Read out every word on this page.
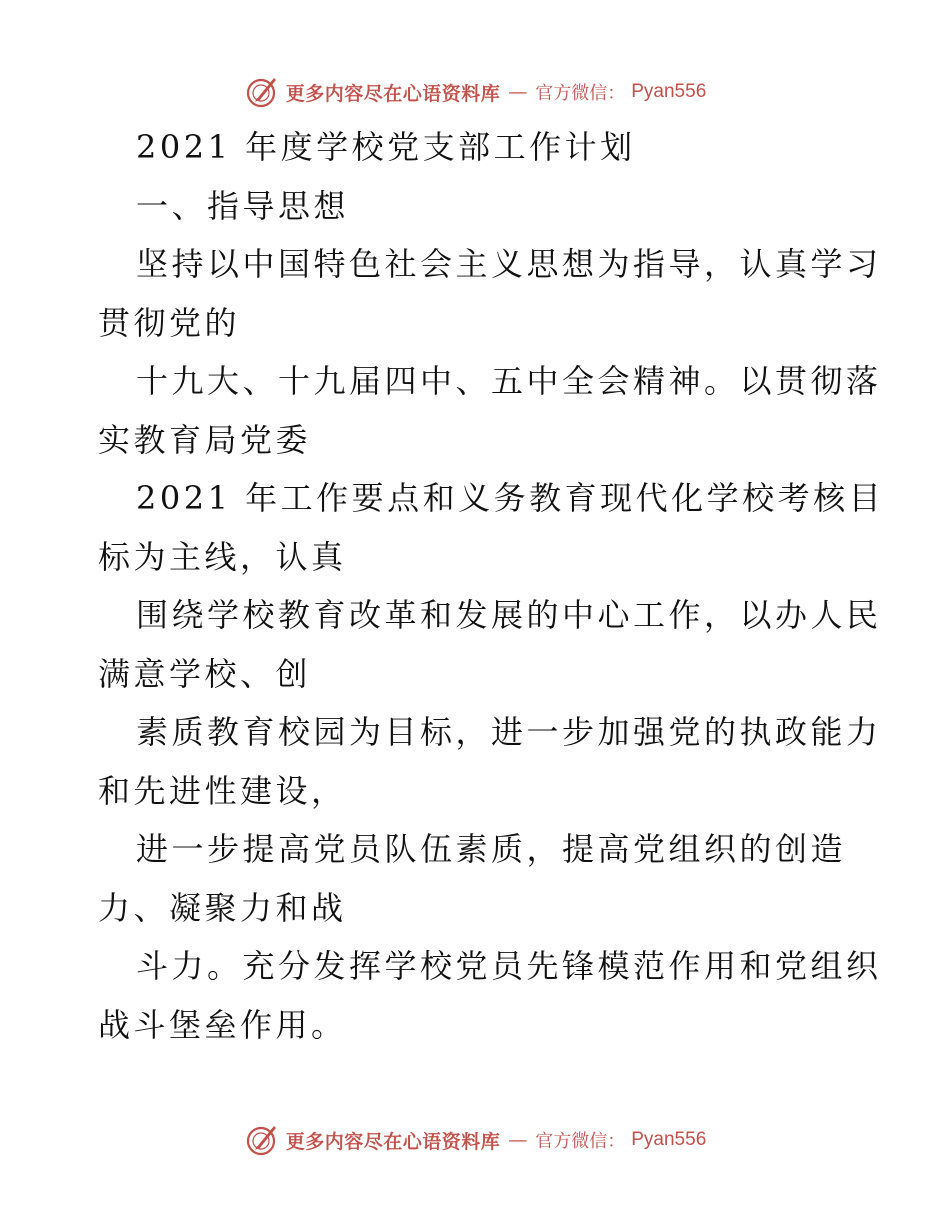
更多内容尽在心语资料库 — 官方微信： Pyan556
2021 年度学校党支部工作计划
一、指导思想
坚持以中国特色社会主义思想为指导，认真学习
贯彻党的
十九大、十九届四中、五中全会精神。以贯彻落
实教育局党委
2021 年工作要点和义务教育现代化学校考核目
标为主线，认真
围绕学校教育改革和发展的中心工作，以办人民
满意学校、创
素质教育校园为目标，进一步加强党的执政能力
和先进性建设，
进一步提高党员队伍素质，提高党组织的创造
力、凝聚力和战
斗力。充分发挥学校党员先锋模范作用和党组织
战斗堡垒作用。
更多内容尽在心语资料库 — 官方微信： Pyan556
